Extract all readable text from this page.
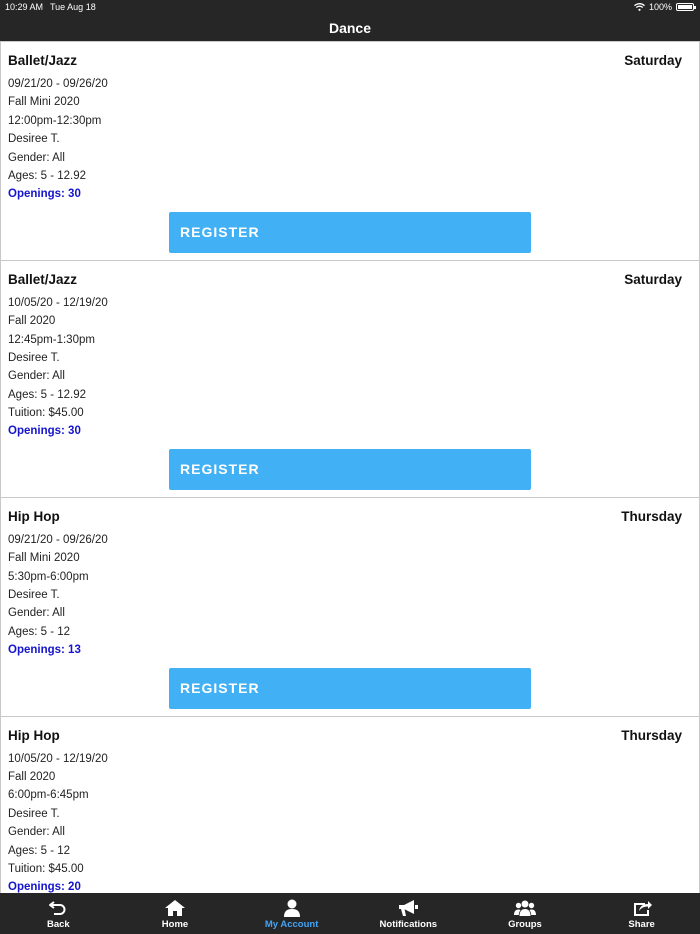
10:29 AM Tue Aug 18	100%
Dance
Ballet/Jazz	Saturday
09/21/20 - 09/26/20
Fall Mini 2020
12:00pm-12:30pm
Desiree T.
Gender: All
Ages: 5 - 12.92
Openings: 30
REGISTER
Ballet/Jazz	Saturday
10/05/20 - 12/19/20
Fall 2020
12:45pm-1:30pm
Desiree T.
Gender: All
Ages: 5 - 12.92
Tuition: $45.00
Openings: 30
REGISTER
Hip Hop	Thursday
09/21/20 - 09/26/20
Fall Mini 2020
5:30pm-6:00pm
Desiree T.
Gender: All
Ages: 5 - 12
Openings: 13
REGISTER
Hip Hop	Thursday
10/05/20 - 12/19/20
Fall 2020
6:00pm-6:45pm
Desiree T.
Gender: All
Ages: 5 - 12
Tuition: $45.00
Openings: 20
Back	Home	My Account	Notifications	Groups	Share
